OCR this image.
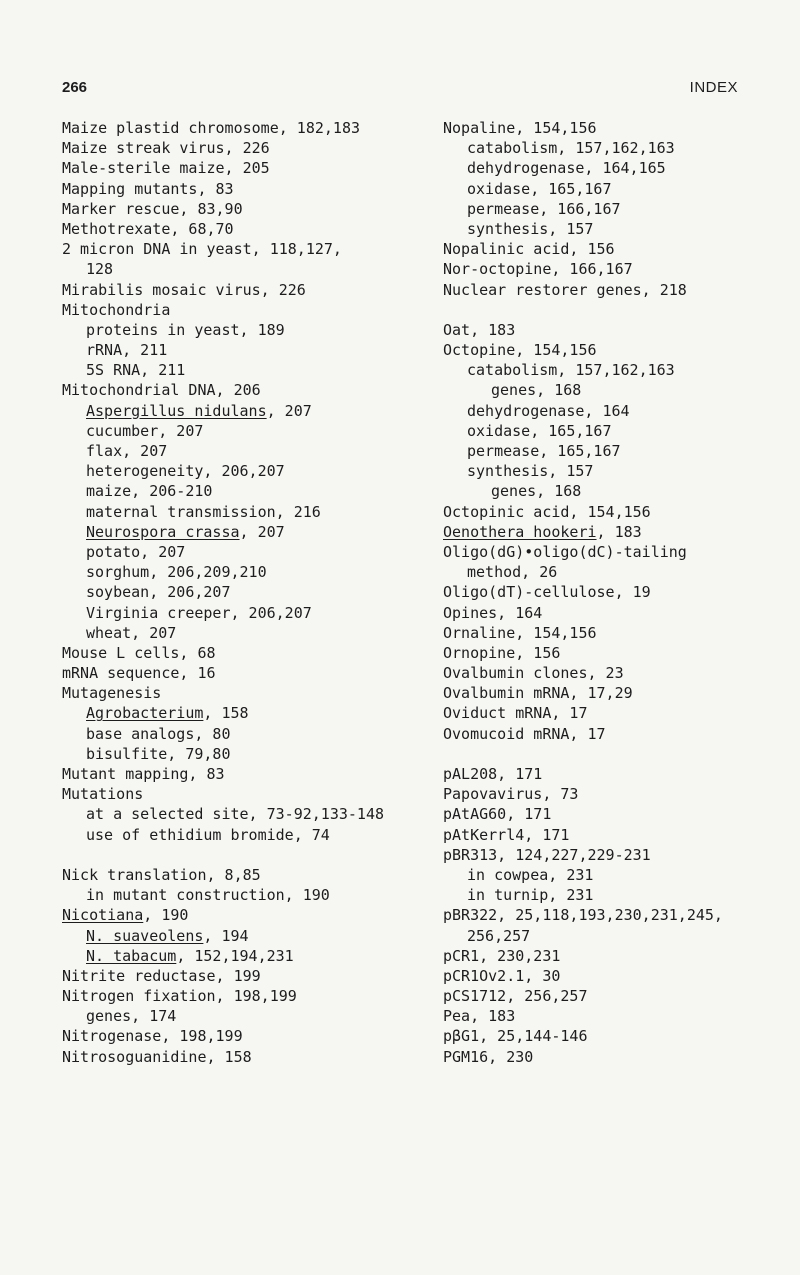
266	INDEX
Maize plastid chromosome, 182,183
Maize streak virus, 226
Male-sterile maize, 205
Mapping mutants, 83
Marker rescue, 83,90
Methotrexate, 68,70
2 micron DNA in yeast, 118,127,
128
Mirabilis mosaic virus, 226
Mitochondria
proteins in yeast, 189
rRNA, 211
5S RNA, 211
Mitochondrial DNA, 206
Aspergillus nidulans, 207
cucumber, 207
flax, 207
heterogeneity, 206,207
maize, 206-210
maternal transmission, 216
Neurospora crassa, 207
potato, 207
sorghum, 206,209,210
soybean, 206,207
Virginia creeper, 206,207
wheat, 207
Mouse L cells, 68
mRNA sequence, 16
Mutagenesis
Agrobacterium, 158
base analogs, 80
bisulfite, 79,80
Mutant mapping, 83
Mutations
at a selected site, 73-92,133-148
use of ethidium bromide, 74
Nick translation, 8,85
in mutant construction, 190
Nicotiana, 190
N. suaveolens, 194
N. tabacum, 152,194,231
Nitrite reductase, 199
Nitrogen fixation, 198,199
genes, 174
Nitrogenase, 198,199
Nitrosoguanidine, 158
Nopaline, 154,156
catabolism, 157,162,163
dehydrogenase, 164,165
oxidase, 165,167
permease, 166,167
synthesis, 157
Nopalinic acid, 156
Nor-octopine, 166,167
Nuclear restorer genes, 218
Oat, 183
Octopine, 154,156
catabolism, 157,162,163
genes, 168
dehydrogenase, 164
oxidase, 165,167
permease, 165,167
synthesis, 157
genes, 168
Octopinic acid, 154,156
Oenothera hookeri, 183
Oligo(dG)•oligo(dC)-tailing
method, 26
Oligo(dT)-cellulose, 19
Opines, 164
Ornaline, 154,156
Ornopine, 156
Ovalbumin clones, 23
Ovalbumin mRNA, 17,29
Oviduct mRNA, 17
Ovomucoid mRNA, 17
pAL208, 171
Papovavirus, 73
pAtAG60, 171
pAtKerrl4, 171
pBR313, 124,227,229-231
in cowpea, 231
in turnip, 231
pBR322, 25,118,193,230,231,245,
256,257
pCR1, 230,231
pCR1Ov2.1, 30
pCS1712, 256,257
Pea, 183
pβG1, 25,144-146
PGM16, 230
